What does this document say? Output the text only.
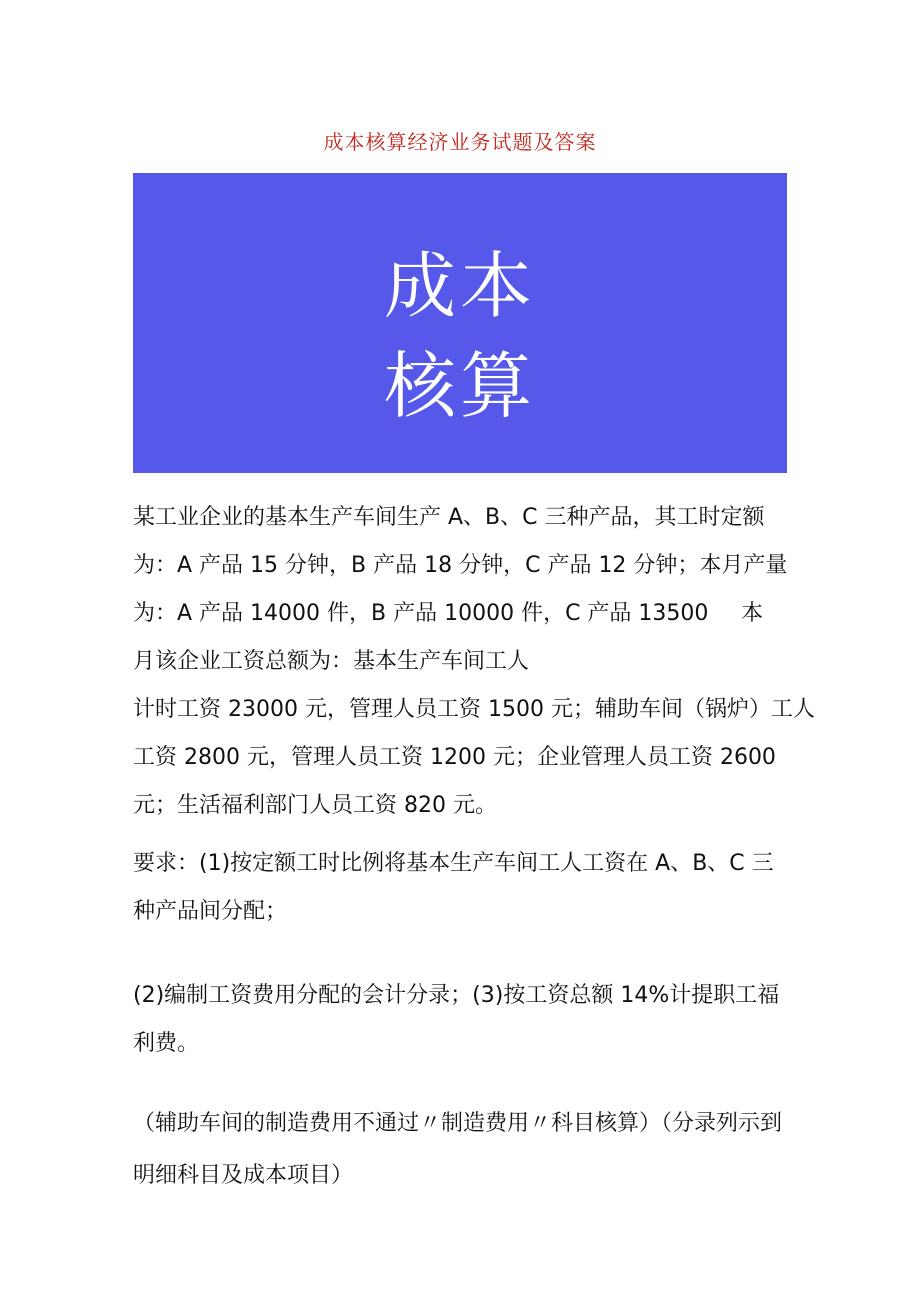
成本核算经济业务试题及答案
成本
核算
某工业企业的基本生产车间生产 A、B、C 三种产品，其工时定额
为：A 产品 15 分钟，B 产品 18 分钟，C 产品 12 分钟；本月产量
为：A 产品 14000 件，B 产品 10000 件，C 产品 13500 本
月该企业工资总额为：基本生产车间工人
计时工资 23000 元，管理人员工资 1500 元；辅助车间（锅炉）工人
工资 2800 元，管理人员工资 1200 元；企业管理人员工资 2600
元；生活福利部门人员工资 820 元。
要求：(1)按定额工时比例将基本生产车间工人工资在 A、B、C 三
种产品间分配；
(2)编制工资费用分配的会计分录；(3)按工资总额 14%计提职工福
利费。
（辅助车间的制造费用不通过〃制造费用〃科目核算）（分录列示到
明细科目及成本项目）
